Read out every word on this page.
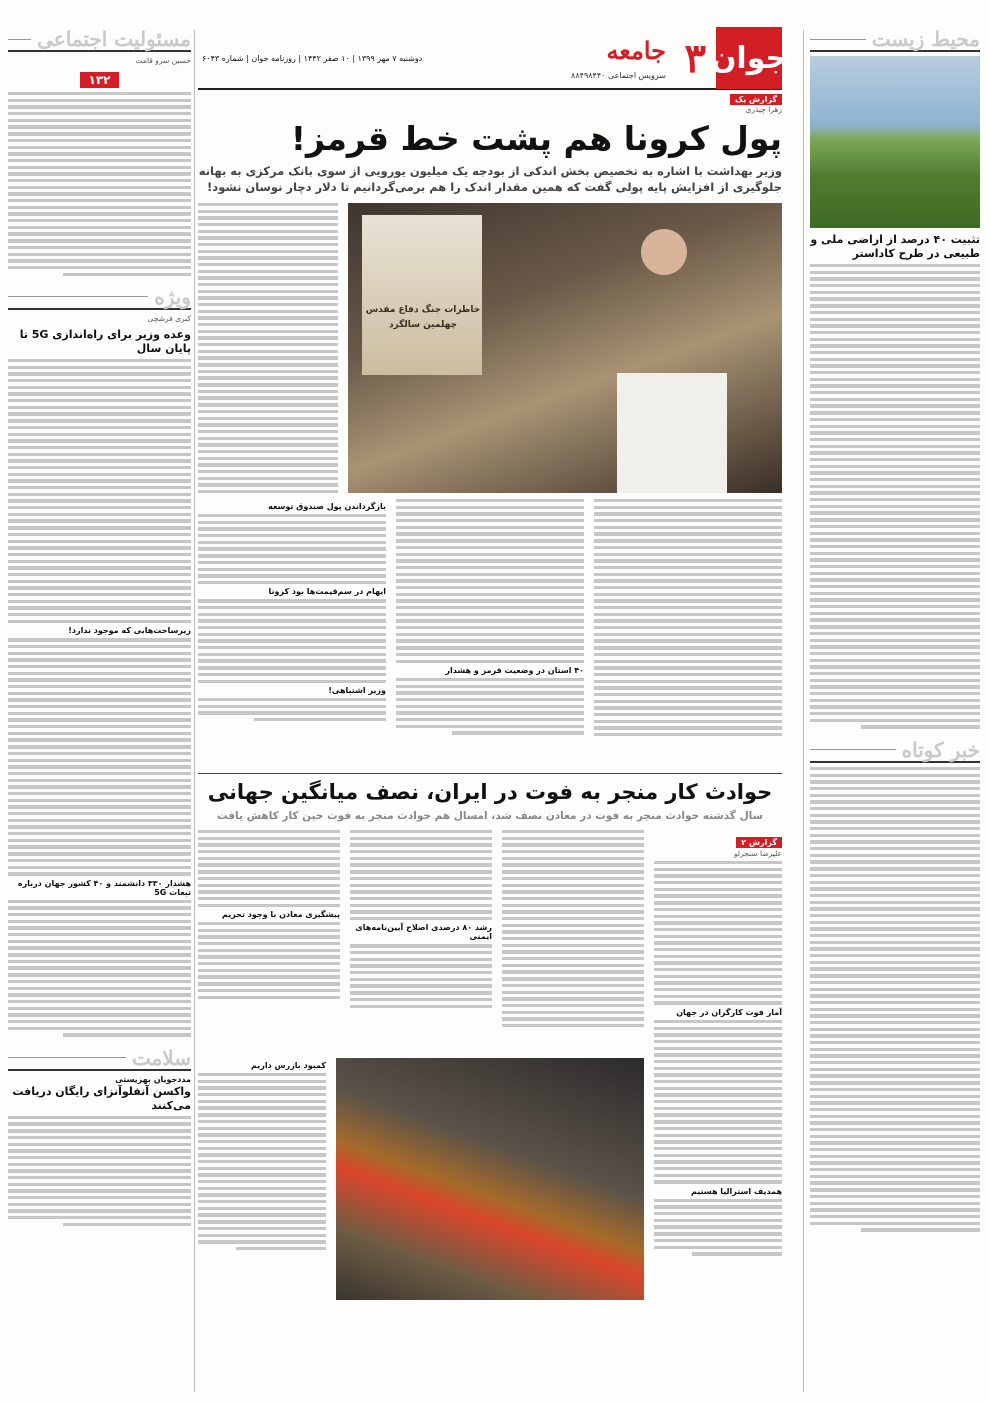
محیط زیست
تثبیت ۴۰ درصد از اراضی ملی و طبیعی در طرح کاداستر
خبر کوتاه
مسئولیت اجتماعی
حسین سرو قامت
۱۳۲
ویژه
کبری فرشچی
وعده وزیر برای راه‌اندازی 5G تا پایان سال
زیرساخت‌هایی که موجود ندارد!
هشدار ۳۳۰ دانشمند و ۴۰ کشور جهان درباره تبعات 5G
سلامت
مددجویان بهزیستی
واکسن آنفلوآنزای رایگان دریافت می‌کنند
جوان
۳
جامعه
سرویس اجتماعی ۸۸۴۹۸۴۴۰
دوشنبه ۷ مهر ۱۳۹۹ | ۱۰ صفر ۱۴۴۲ | روزنامه جوان | شماره ۶۰۴۳
گزارش یک
زهرا چیذری
پول کرونا هم پشت خط قرمز!
وزیر بهداشت با اشاره به تخصیص بخش اندکی از بودجه یک میلیون یورویی از سوی بانک مرکزی به بهانه جلوگیری از افزایش پایه پولی گفت که همین مقدار اندک را هم برمی‌گردانیم تا دلار دچار نوسان نشود!
خاطرات جنگ دفاع مقدس چهلمین سالگرد
۴۰ استان در وضعیت قرمز و هشدار
بازگرداندن پول صندوق توسعه
ایهام در سم‌قیمت‌ها بود کرونا
وزیر اشتباهی!
حوادث کار منجر به فوت در ایران، نصف میانگین جهانی
سال گذشته حوادث منجر به فوت در معادن نصف شد، امسال هم حوادث منجر به فوت حین کار کاهش یافت
گزارش ۲
علیرضا سنجرلو
آمار فوت کارگران در جهان
همدیف استرالیا هستیم
رشد ۸۰ درصدی اصلاح آیین‌نامه‌های ایمنی
پیشگیری معادن با وجود تحریم
کمبود بازرس داریم
